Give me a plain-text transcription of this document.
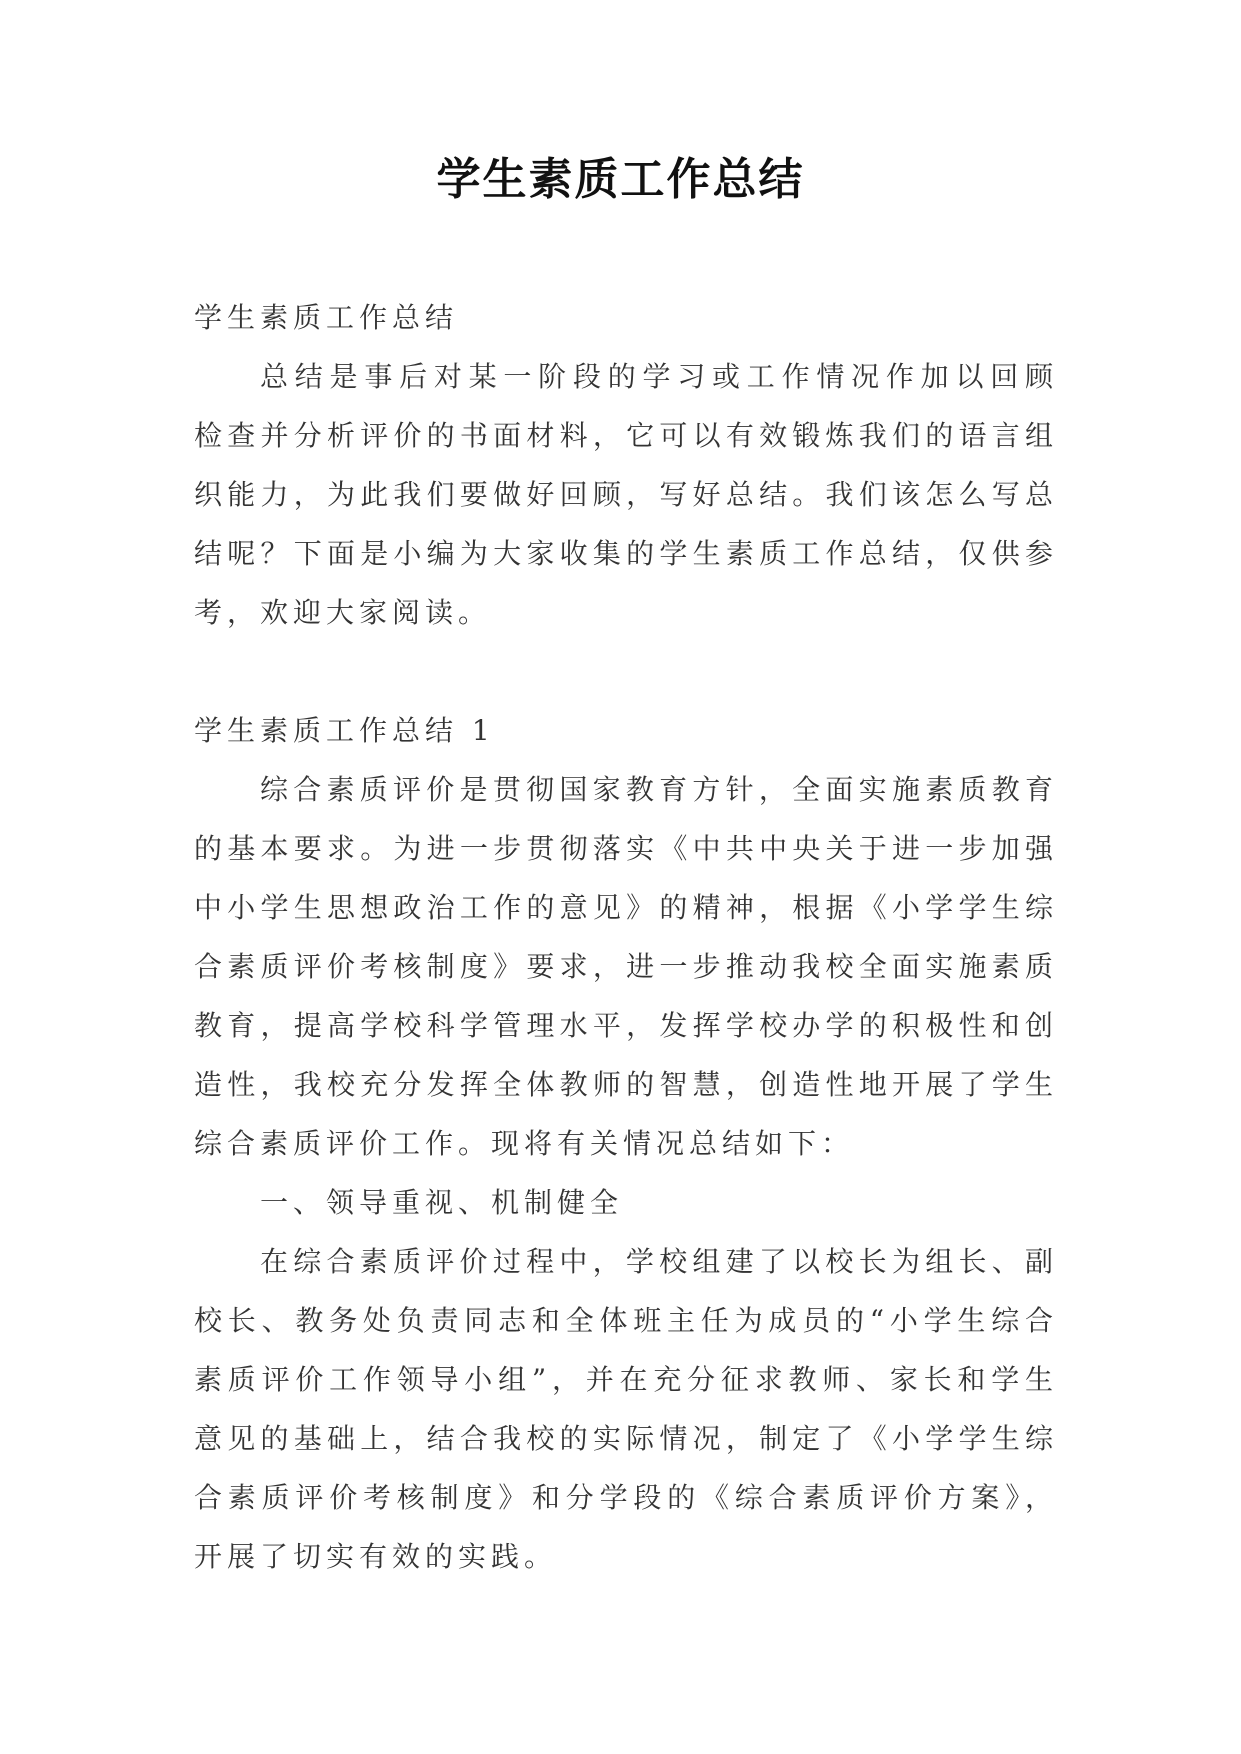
学生素质工作总结
学生素质工作总结
总结是事后对某一阶段的学习或工作情况作加以回顾
检查并分析评价的书面材料，它可以有效锻炼我们的语言组
织能力，为此我们要做好回顾，写好总结。我们该怎么写总
结呢？下面是小编为大家收集的学生素质工作总结，仅供参
考，欢迎大家阅读。
学生素质工作总结 1
综合素质评价是贯彻国家教育方针，全面实施素质教育
的基本要求。为进一步贯彻落实《中共中央关于进一步加强
中小学生思想政治工作的意见》的精神，根据《小学学生综
合素质评价考核制度》要求，进一步推动我校全面实施素质
教育，提高学校科学管理水平，发挥学校办学的积极性和创
造性，我校充分发挥全体教师的智慧，创造性地开展了学生
综合素质评价工作。现将有关情况总结如下：
一、领导重视、机制健全
在综合素质评价过程中，学校组建了以校长为组长、副
校长、教务处负责同志和全体班主任为成员的“小学生综合
素质评价工作领导小组”，并在充分征求教师、家长和学生
意见的基础上，结合我校的实际情况，制定了《小学学生综
合素质评价考核制度》和分学段的《综合素质评价方案》，
开展了切实有效的实践。
